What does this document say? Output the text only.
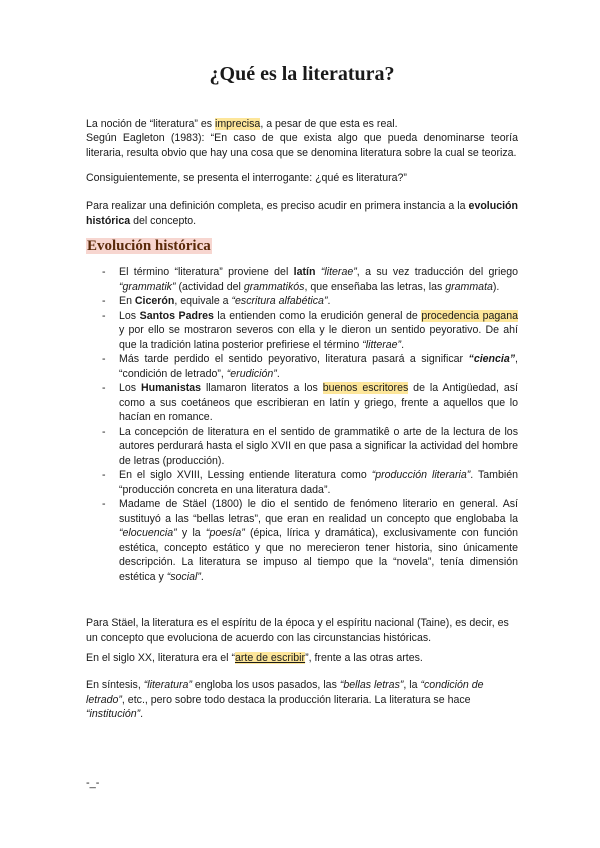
¿Qué es la literatura?

La noción de “literatura” es imprecisa, a pesar de que esta es real.

Según Eagleton (1983): “En caso de que exista algo que pueda denominarse teoría literaria, resulta obvio que hay una cosa que se denomina literatura sobre la cual se teoriza.

Consiguientemente, se presenta el interrogante: ¿qué es literatura?”

Para realizar una definición completa, es preciso acudir en primera instancia a la evolución histórica del concepto.

Evolución histórica
- El término “literatura” proviene del latín “literae”, a su vez traducción del griego “grammatik” (actividad del grammatikós, que enseñaba las letras, las grammata).
- En Cicerón, equivale a “escritura alfabética”.
- Los Santos Padres la entienden como la erudición general de procedencia pagana y por ello se mostraron severos con ella y le dieron un sentido peyorativo. De ahí que la tradición latina posterior prefiriese el término “litterae”.
- Más tarde perdido el sentido peyorativo, literatura pasará a significar “ciencia”, “condición de letrado”, “erudición”.
- Los Humanistas llamaron literatos a los buenos escritores de la Antigüedad, así como a sus coetáneos que escribieran en latín y griego, frente a aquellos que lo hacían en romance.
- La concepción de literatura en el sentido de grammatikê o arte de la lectura de los autores perdurará hasta el siglo XVII en que pasa a significar la actividad del hombre de letras (producción).
- En el siglo XVIII, Lessing entiende literatura como “producción literaria”. También “producción concreta en una literatura dada”.
- Madame de Stäel (1800) le dio el sentido de fenómeno literario en general. Así sustituyó a las “bellas letras”, que eran en realidad un concepto que englobaba la “elocuencia” y la “poesía” (épica, lírica y dramática), exclusivamente con función estética, concepto estático y que no merecieron tener historia, sino únicamente descripción. La literatura se impuso al tiempo que la “novela”, tenía dimensión estética y “social”.

Para Stäel, la literatura es el espíritu de la época y el espíritu nacional (Taine), es decir, es un concepto que evoluciona de acuerdo con las circunstancias históricas.

En el siglo XX, literatura era el “arte de escribir”, frente a las otras artes.

En síntesis, “literatura” engloba los usos pasados, las “bellas letras”, la “condición de letrado”, etc., pero sobre todo destaca la producción literaria. La literatura se hace “institución”.

-_-
